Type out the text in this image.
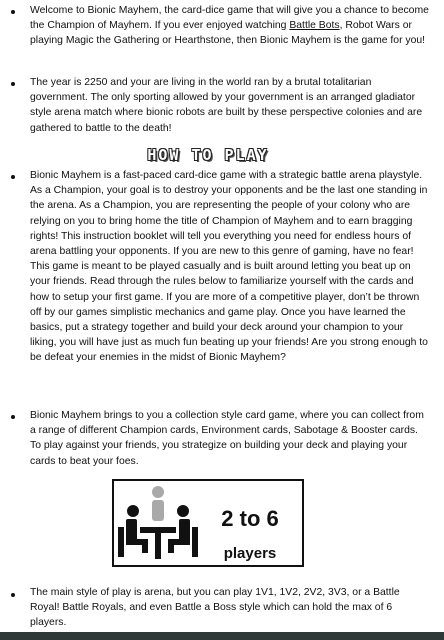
Welcome to Bionic Mayhem, the card-dice game that will give you a chance to become the Champion of Mayhem. If you ever enjoyed watching Battle Bots, Robot Wars or playing Magic the Gathering or Hearthstone, then Bionic Mayhem is the game for you!
The year is 2250 and your are living in the world ran by a brutal totalitarian government. The only sporting allowed by your government is an arranged gladiator style arena match where bionic robots are built by these perspective colonies and are gathered to battle to the death!
HOW TO PLAY
Bionic Mayhem is a fast-paced card-dice game with a strategic battle arena playstyle. As a Champion, your goal is to destroy your opponents and be the last one standing in the arena. As a Champion, you are representing the people of your colony who are relying on you to bring home the title of Champion of Mayhem and to earn bragging rights! This instruction booklet will tell you everything you need for endless hours of arena battling your opponents. If you are new to this genre of gaming, have no fear! This game is meant to be played casually and is built around letting you beat up on your friends. Read through the rules below to familiarize yourself with the cards and how to setup your first game. If you are more of a competitive player, don’t be thrown off by our games simplistic mechanics and game play. Once you have learned the basics, put a strategy together and build your deck around your champion to your liking, you will have just as much fun beating up your friends! Are you strong enough to be defeat your enemies in the midst of Bionic Mayhem?
Bionic Mayhem brings to you a collection style card game, where you can collect from a range of different Champion cards, Environment cards, Sabotage & Booster cards. To play against your friends, you strategize on building your deck and playing your cards to beat your foes.
2 to 6
players
The main style of play is arena, but you can play 1V1, 1V2, 2V2, 3V3, or a Battle Royal! Battle Royals, and even Battle a Boss style which can hold the max of 6 players.
